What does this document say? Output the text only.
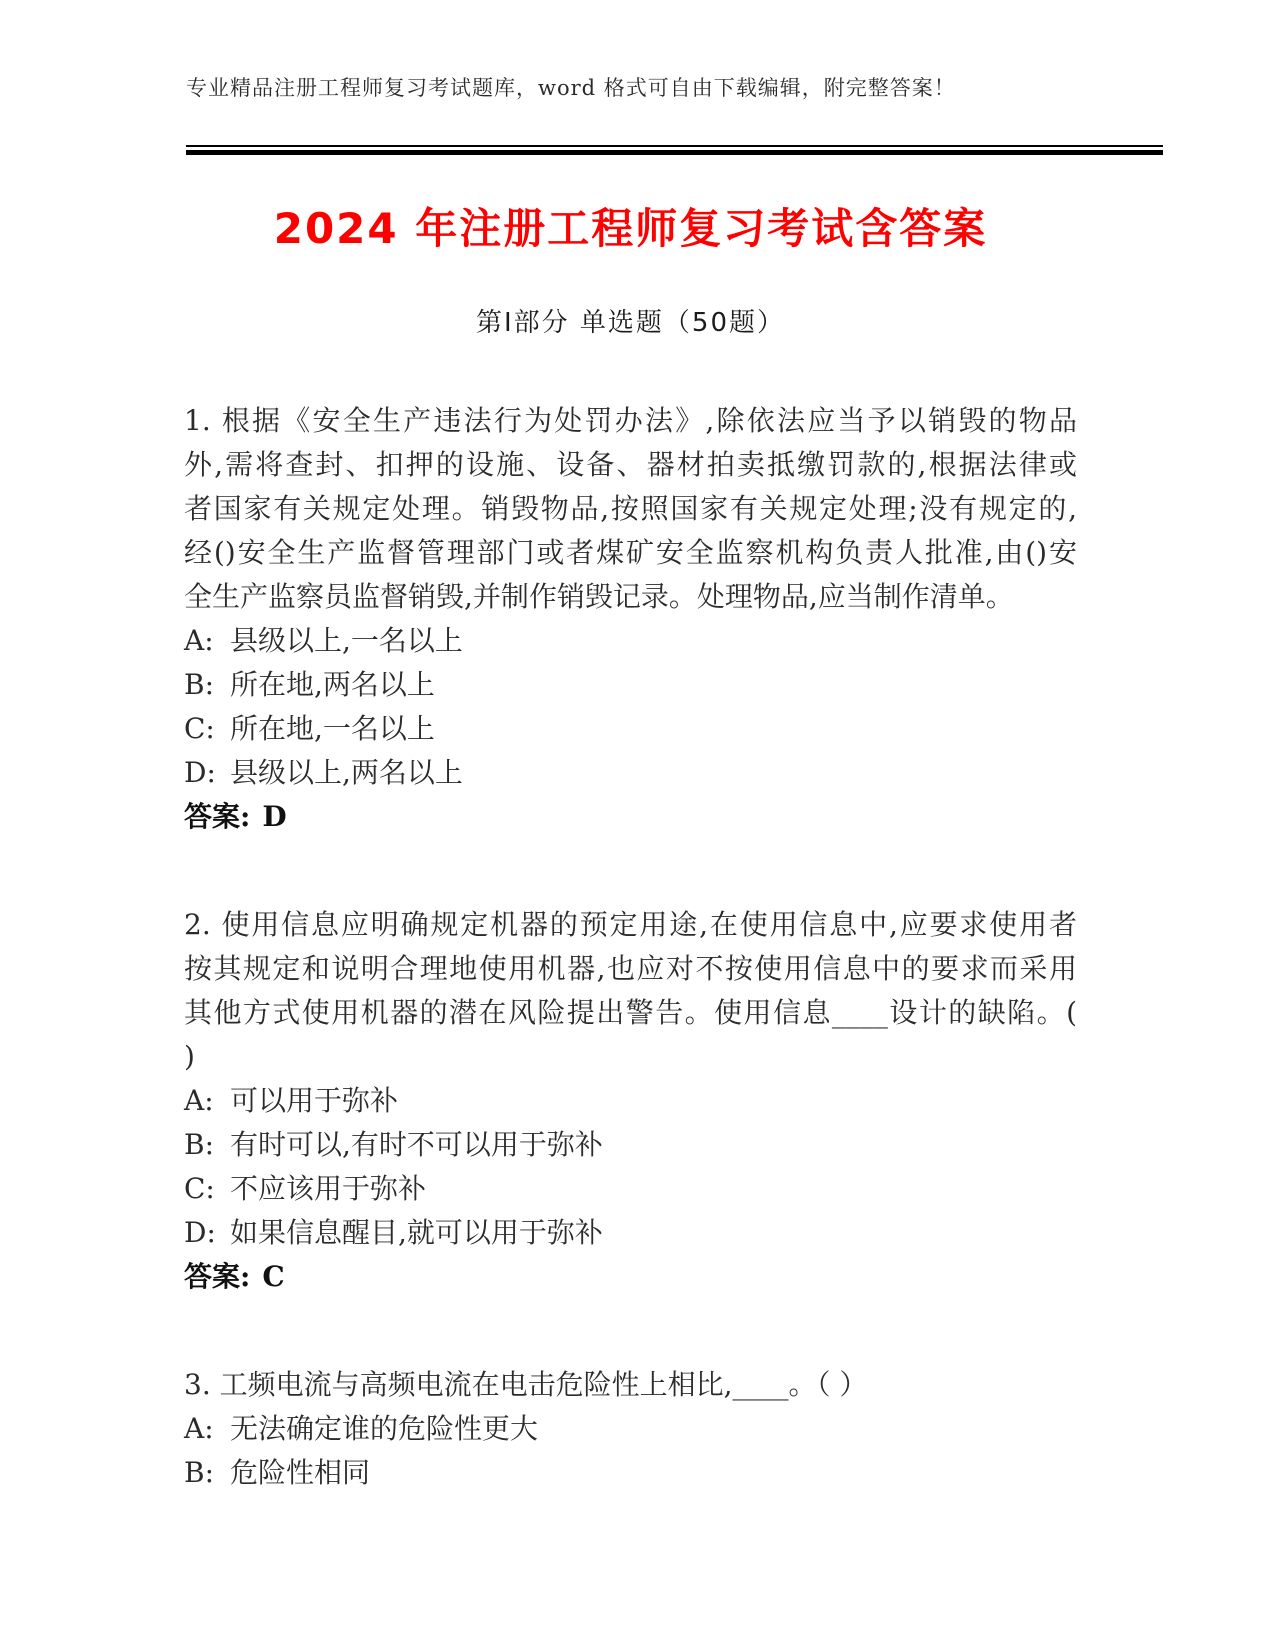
专业精品注册工程师复习考试题库，word 格式可自由下载编辑，附完整答案！

2024 年注册工程师复习考试含答案
第Ⅰ部分 单选题（50题）

1. 根据《安全生产违法行为处罚办法》,除依法应当予以销毁的物品

外,需将查封、扣押的设施、设备、器材拍卖抵缴罚款的,根据法律或

者国家有关规定处理。销毁物品,按照国家有关规定处理;没有规定的,

经()安全生产监督管理部门或者煤矿安全监察机构负责人批准,由()安

全生产监察员监督销毁,并制作销毁记录。处理物品,应当制作清单。

A: 县级以上,一名以上

B: 所在地,两名以上

C: 所在地,一名以上

D: 县级以上,两名以上

答案: D

2. 使用信息应明确规定机器的预定用途,在使用信息中,应要求使用者

按其规定和说明合理地使用机器,也应对不按使用信息中的要求而采用

其他方式使用机器的潜在风险提出警告。使用信息____设计的缺陷。(

)

A: 可以用于弥补

B: 有时可以,有时不可以用于弥补

C: 不应该用于弥补

D: 如果信息醒目,就可以用于弥补

答案: C

3. 工频电流与高频电流在电击危险性上相比,____。（ ）

A: 无法确定谁的危险性更大

B: 危险性相同
